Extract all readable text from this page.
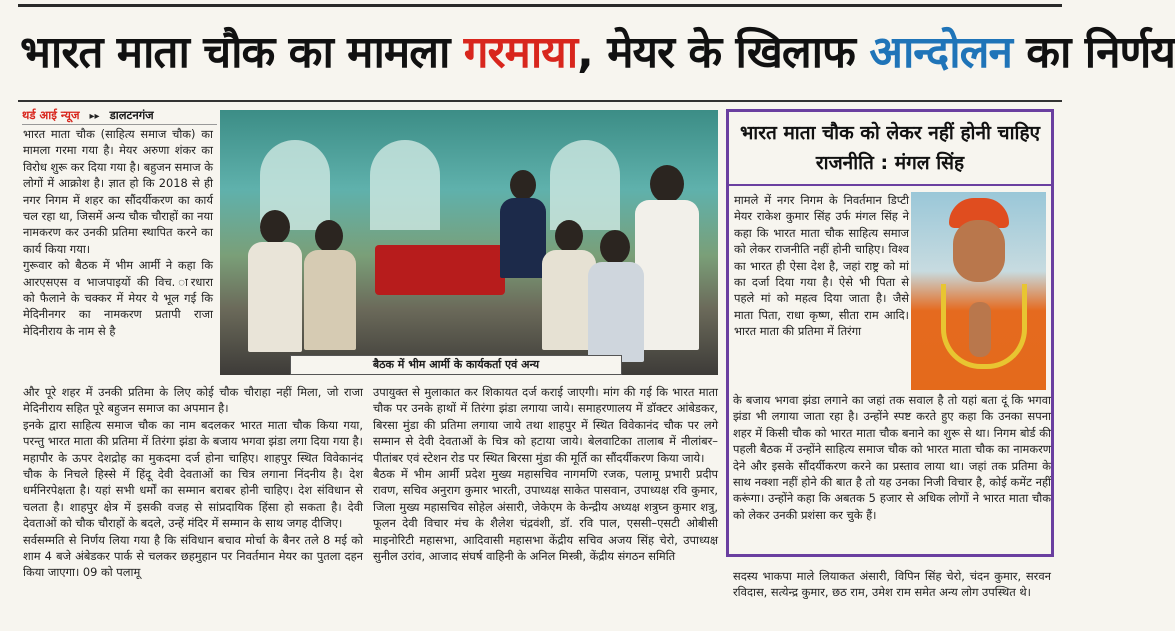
भारत माता चौक का मामला गरमाया, मेयर के खिलाफ आन्दोलन का निर्णय
थर्ड आई न्यूज ▸▸ डालटनगंज

भारत माता चौक (साहित्य समाज चौक) का मामला गरमा गया है। मेयर अरुणा शंकर का विरोध शुरू कर दिया गया है। बहुजन समाज के लोगों में आक्रोश है। ज्ञात हो कि 2018 से ही नगर निगम में शहर का सौंदर्यीकरण का कार्य चल रहा था, जिसमें अन्य चौक चौराहों का नया नामकरण कर उनकी प्रतिमा स्थापित करने का कार्य किया गया।

गुरूवार को बैठक में भीम आर्मी ने कहा कि आरएसएस व भाजपाइयों की विच. ारधारा को फैलाने के चक्कर में मेयर ये भूल गई कि मेदिनीनगर का नामकरण प्रतापी राजा मेदिनीराय के नाम से है

बैठक में भीम आर्मी के कार्यकर्ता एवं अन्य

और पूरे शहर में उनकी प्रतिमा के लिए कोई चौक चौराहा नहीं मिला, जो राजा मेदिनीराय सहित पूरे बहुजन समाज का अपमान है।

इनके द्वारा साहित्य समाज चौक का नाम बदलकर भारत माता चौक किया गया, परन्तु भारत माता की प्रतिमा में तिरंगा झंडा के बजाय भगवा झंडा लगा दिया गया है। महापौर के ऊपर देशद्रोह का मुकदमा दर्ज होना चाहिए। शाहपुर स्थित विवेकानंद चौक के निचले हिस्से में हिंदू देवी देवताओं का चित्र लगाना निंदनीय है। देश धर्मनिरपेक्षता है। यहां सभी धर्मों का सम्मान बराबर होनी चाहिए। देश संविधान से चलता है। शाहपुर क्षेत्र में इसकी वजह से सांप्रदायिक हिंसा हो सकता है। देवी देवताओं को चौक चौराहों के बदले, उन्हें मंदिर में सम्मान के साथ जगह दीजिए।

सर्वसम्मति से निर्णय लिया गया है कि संविधान बचाव मोर्चा के बैनर तले 8 मई को शाम 4 बजे अंबेडकर पार्क से चलकर छहमुहान पर निवर्तमान मेयर का पुतला दहन किया जाएगा। 09 को पलामू

उपायुक्त से मुलाकात कर शिकायत दर्ज कराई जाएगी। मांग की गई कि भारत माता चौक पर उनके हाथों में तिरंगा झंडा लगाया जाये। समाहरणालय में डॉक्टर आंबेडकर, बिरसा मुंडा की प्रतिमा लगाया जाये तथा शाहपुर में स्थित विवेकानंद चौक पर लगे सम्मान से देवी देवताओं के चित्र को हटाया जाये। बेलवाटिका तालाब में नीलांबर–पीतांबर एवं स्टेशन रोड पर स्थित बिरसा मुंडा की मूर्ति का सौंदर्यीकरण किया जाये।

बैठक में भीम आर्मी प्रदेश मुख्य महासचिव नागमणि रजक, पलामू प्रभारी प्रदीप रावण, सचिव अनुराग कुमार भारती, उपाध्यक्ष साकेत पासवान, उपाध्यक्ष रवि कुमार, जिला मुख्य महासचिव सोहेल अंसारी, जेकेएम के केन्द्रीय अध्यक्ष शत्रुघ्न कुमार शत्रु, फूलन देवी विचार मंच के शैलेश चंद्रवंशी, डॉ. रवि पाल, एससी–एसटी ओबीसी माइनोरिटी महासभा, आदिवासी महासभा केंद्रीय सचिव अजय सिंह चेरो, उपाध्यक्ष सुनील उरांव, आजाद संघर्ष वाहिनी के अनिल मिस्त्री, केंद्रीय संगठन समिति

भारत माता चौक को लेकर नहीं होनी चाहिए राजनीति : मंगल सिंह
मामले में नगर निगम के निवर्तमान डिप्टी मेयर राकेश कुमार सिंह उर्फ मंगल सिंह ने कहा कि भारत माता चौक साहित्य समाज को लेकर राजनीति नहीं होनी चाहिए। विश्व का भारत ही ऐसा देश है, जहां राष्ट्र को मां का दर्जा दिया गया है। ऐसे भी पिता से पहले मां को महत्व दिया जाता है। जैसे माता पिता, राधा कृष्ण, सीता राम आदि। भारत माता की प्रतिमा में तिरंगा
के बजाय भगवा झंडा लगाने का जहां तक सवाल है तो यहां बता दूं कि भगवा झंडा भी लगाया जाता रहा है। उन्होंने स्पष्ट करते हुए कहा कि उनका सपना शहर में किसी चौक को भारत माता चौक बनाने का शुरू से था। निगम बोर्ड की पहली बैठक में उन्होंने साहित्य समाज चौक को भारत माता चौक का नामकरण देने और इसके सौंदर्यीकरण करने का प्रस्ताव लाया था। जहां तक प्रतिमा के साथ नक्शा नहीं होने की बात है तो यह उनका निजी विचार है, कोई कमेंट नहीं करूंगा। उन्होंने कहा कि अबतक 5 हजार से अधिक लोगों ने भारत माता चौक को लेकर उनकी प्रशंसा कर चुके हैं।
सदस्य भाकपा माले लियाकत अंसारी, विपिन सिंह चेरो, चंदन कुमार, सरवन रविदास, सत्येन्द्र कुमार, छठ राम, उमेश राम समेत अन्य लोग उपस्थित थे।
